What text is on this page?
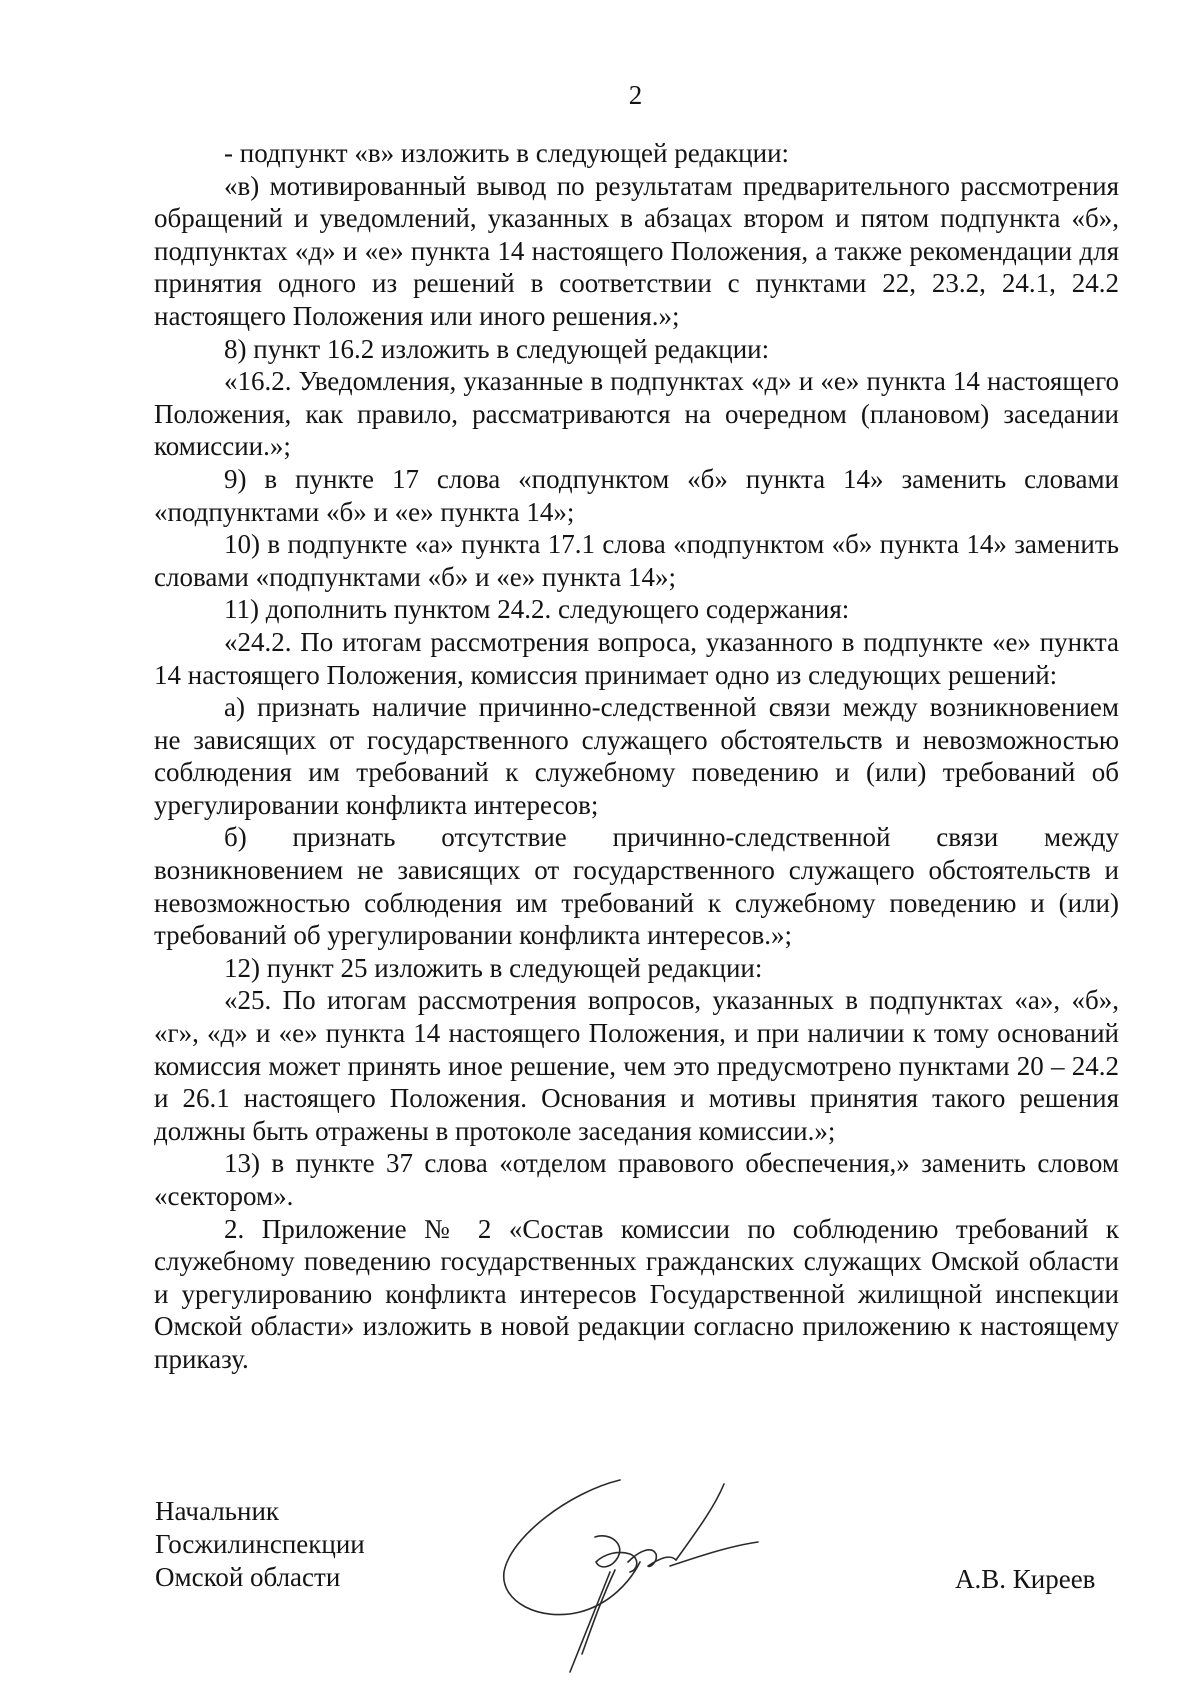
2

- подпункт «в» изложить в следующей редакции:

«в) мотивированный вывод по результатам предварительного рассмотрения обращений и уведомлений, указанных в абзацах втором и пятом подпункта «б», подпунктах «д» и «е» пункта 14 настоящего Положения, а также рекомендации для принятия одного из решений в соответствии с пунктами 22, 23.2, 24.1, 24.2 настоящего Положения или иного решения.»;

8) пункт 16.2 изложить в следующей редакции:

«16.2. Уведомления, указанные в подпунктах «д» и «е» пункта 14 настоящего Положения, как правило, рассматриваются на очередном (плановом) заседании комиссии.»;

9) в пункте 17 слова «подпунктом «б» пункта 14» заменить словами «подпунктами «б» и «е» пункта 14»;

10) в подпункте «а» пункта 17.1 слова «подпунктом «б» пункта 14» заменить словами «подпунктами «б» и «е» пункта 14»;

11) дополнить пунктом 24.2. следующего содержания:

«24.2. По итогам рассмотрения вопроса, указанного в подпункте «е» пункта 14 настоящего Положения, комиссия принимает одно из следующих решений:

а) признать наличие причинно-следственной связи между возникновением не зависящих от государственного служащего обстоятельств и невозможностью соблюдения им требований к служебному поведению и (или) требований об урегулировании конфликта интересов;

б) признать отсутствие причинно-следственной связи между возникновением не зависящих от государственного служащего обстоятельств и невозможностью соблюдения им требований к служебному поведению и (или) требований об урегулировании конфликта интересов.»;

12) пункт 25 изложить в следующей редакции:

«25. По итогам рассмотрения вопросов, указанных в подпунктах «а», «б», «г», «д» и «е» пункта 14 настоящего Положения, и при наличии к тому оснований комиссия может принять иное решение, чем это предусмотрено пунктами 20 – 24.2 и 26.1 настоящего Положения. Основания и мотивы принятия такого решения должны быть отражены в протоколе заседания комиссии.»;

13) в пункте 37 слова «отделом правового обеспечения,» заменить словом «сектором».

2. Приложение № 2 «Состав комиссии по соблюдению требований к служебному поведению государственных гражданских служащих Омской области и урегулированию конфликта интересов Государственной жилищной инспекции Омской области» изложить в новой редакции согласно приложению к настоящему приказу.

Начальник
Госжилинспекции
Омской области	А.В. Киреев
